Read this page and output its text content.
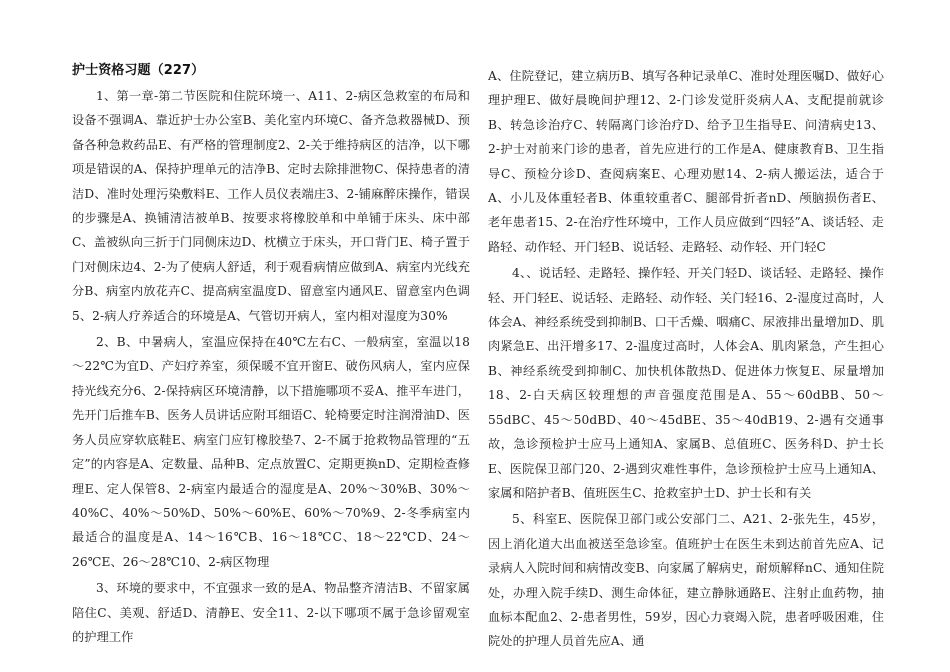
护士资格习题（227）

1、第一章-第二节医院和住院环境一、A11、2-病区急救室的布局和设备不强调A、靠近护士办公室B、美化室内环境C、备齐急救器械D、预备各种急救药品E、有严格的管理制度2、2-关于维持病区的洁净，以下哪项是错误的A、保持护理单元的洁净B、定时去除排泄物C、保持患者的清洁D、准时处理污染敷料E、工作人员仪表端庄3、2-铺麻醉床操作，错误的步骤是A、换铺清洁被单B、按要求将橡胶单和中单铺于床头、床中部C、盖被纵向三折于门同侧床边D、枕横立于床头，开口背门E、椅子置于门对侧床边4、2-为了使病人舒适，利于观看病情应做到A、病室内光线充分B、病室内放花卉C、提高病室温度D、留意室内通风E、留意室内色调5、2-病人疗养适合的环境是A、气管切开病人，室内相对湿度为30%

2、B、中暑病人，室温应保持在40℃左右C、一般病室，室温以18～22℃为宜D、产妇疗养室，须保暖不宜开窗E、破伤风病人，室内应保持光线充分6、2-保持病区环境清静，以下措施哪项不妥A、推平车进门，先开门后推车B、医务人员讲话应附耳细语C、轮椅要定时注润滑油D、医务人员应穿软底鞋E、病室门应钉橡胶垫7、2-不属于抢救物品管理的“五定”的内容是A、定数量、品种B、定点放置C、定期更换nD、定期检查修理E、定人保管8、2-病室内最适合的湿度是A、20%～30%B、30%～40%C、40%～50%D、50%～60%E、60%～70%9、2-冬季病室内最适合的温度是A、14～16℃B、16～18℃C、18～22℃D、24～26℃E、26～28℃10、2-病区物理

3、环境的要求中，不宜强求一致的是A、物品整齐清洁B、不留家属陪住C、美观、舒适D、清静E、安全11、2-以下哪项不属于急诊留观室的护理工作

A、住院登记，建立病历B、填写各种记录单C、准时处理医嘱D、做好心理护理E、做好晨晚间护理12、2-门诊发觉肝炎病人A、支配提前就诊B、转急诊治疗C、转隔离门诊治疗D、给予卫生指导E、问清病史13、2-护士对前来门诊的患者，首先应进行的工作是A、健康教育B、卫生指导C、预检分诊D、查阅病案E、心理劝慰14、2-病人搬运法，适合于A、小儿及体重轻者B、体重较重者C、腿部骨折者nD、颅脑损伤者E、老年患者15、2-在治疗性环境中，工作人员应做到“四轻”A、谈话轻、走路轻、动作轻、开门轻B、说话轻、走路轻、动作轻、开门轻C

4、、说话轻、走路轻、操作轻、开关门轻D、谈话轻、走路轻、操作轻、开门轻E、说话轻、走路轻、动作轻、关门轻16、2-湿度过高时，人体会A、神经系统受到抑制B、口干舌燥、咽痛C、尿液排出量增加D、肌肉紧急E、出汗增多17、2-温度过高时，人体会A、肌肉紧急，产生担心B、神经系统受到抑制C、加快机体散热D、促进体力恢复E、尿量增加18、2-白天病区较理想的声音强度范围是A、55～60dBB、50～55dBC、45～50dBD、40～45dBE、35～40dB19、2-遇有交通事故，急诊预检护士应马上通知A、家属B、总值班C、医务科D、护士长E、医院保卫部门20、2-遇到灾难性事件，急诊预检护士应马上通知A、家属和陪护者B、值班医生C、抢救室护士D、护士长和有关

5、科室E、医院保卫部门或公安部门二、A21、2-张先生，45岁，因上消化道大出血被送至急诊室。值班护士在医生未到达前首先应A、记录病人入院时间和病情改变B、向家属了解病史，耐烦解释nC、通知住院处，办理入院手续D、测生命体征，建立静脉通路E、注射止血药物，抽血标本配血2、2-患者男性，59岁，因心力衰竭入院，患者呼吸困难，住院处的护理人员首先应A、通
